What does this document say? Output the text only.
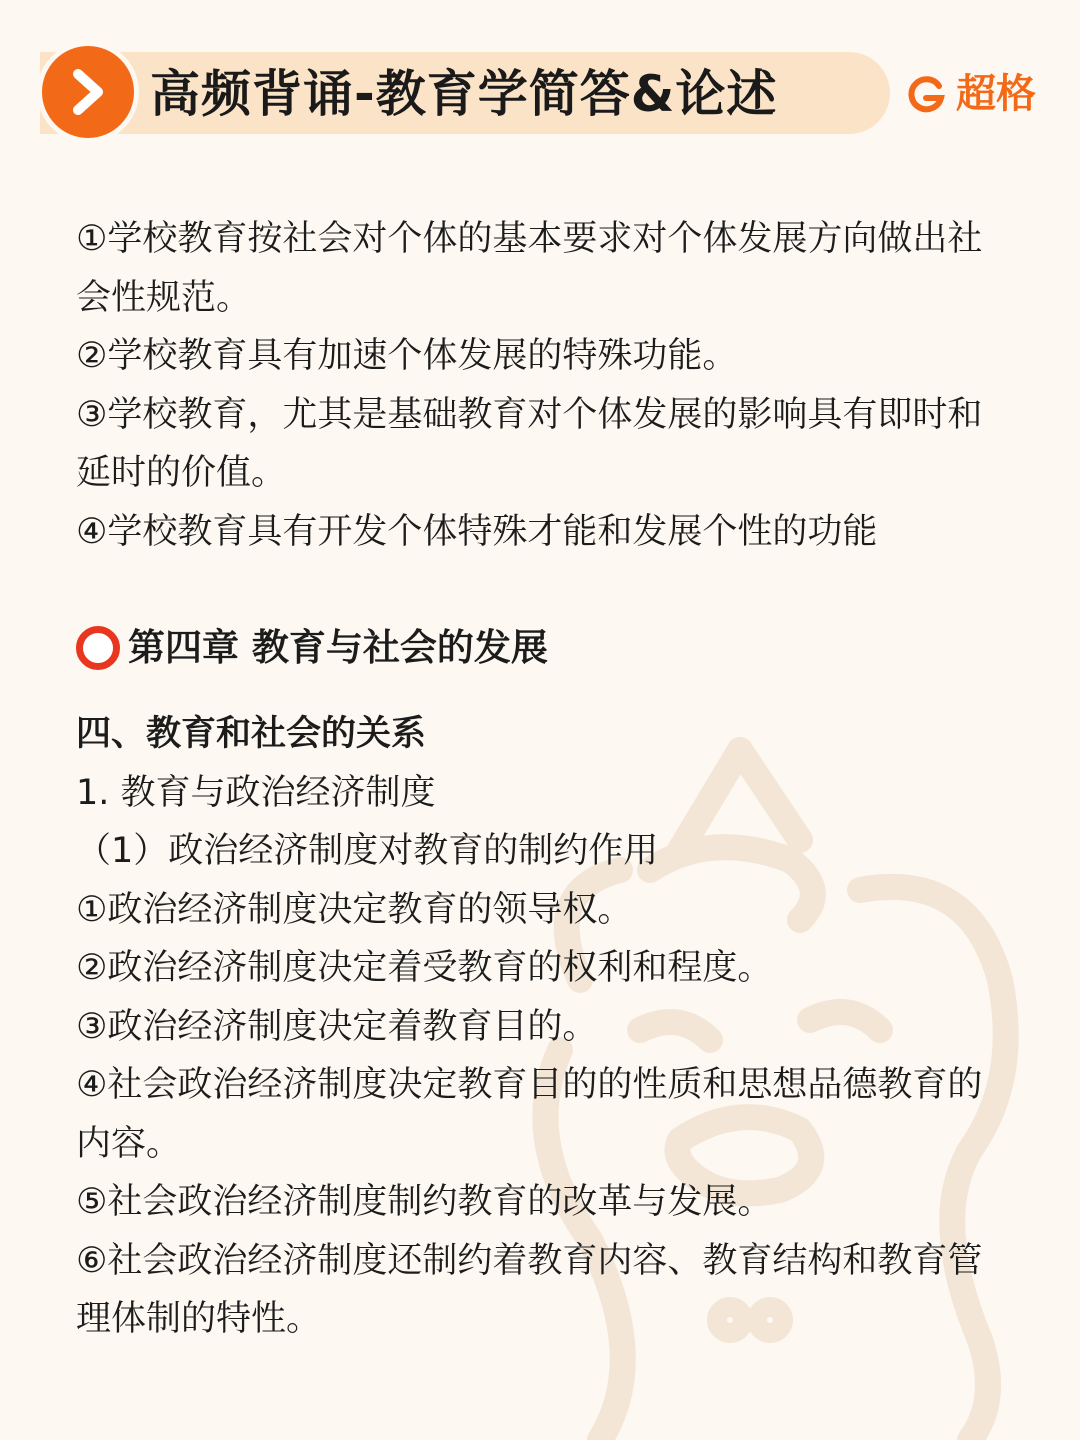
高频背诵-教育学简答&论述	超格

①学校教育按社会对个体的基本要求对个体发展方向做出社会性规范。

②学校教育具有加速个体发展的特殊功能。

③学校教育，尤其是基础教育对个体发展的影响具有即时和延时的价值。

④学校教育具有开发个体特殊才能和发展个性的功能

第四章 教育与社会的发展

四、教育和社会的关系

1. 教育与政治经济制度

（1）政治经济制度对教育的制约作用

①政治经济制度决定教育的领导权。

②政治经济制度决定着受教育的权利和程度。

③政治经济制度决定着教育目的。

④社会政治经济制度决定教育目的的性质和思想品德教育的内容。

⑤社会政治经济制度制约教育的改革与发展。

⑥社会政治经济制度还制约着教育内容、教育结构和教育管理体制的特性。
